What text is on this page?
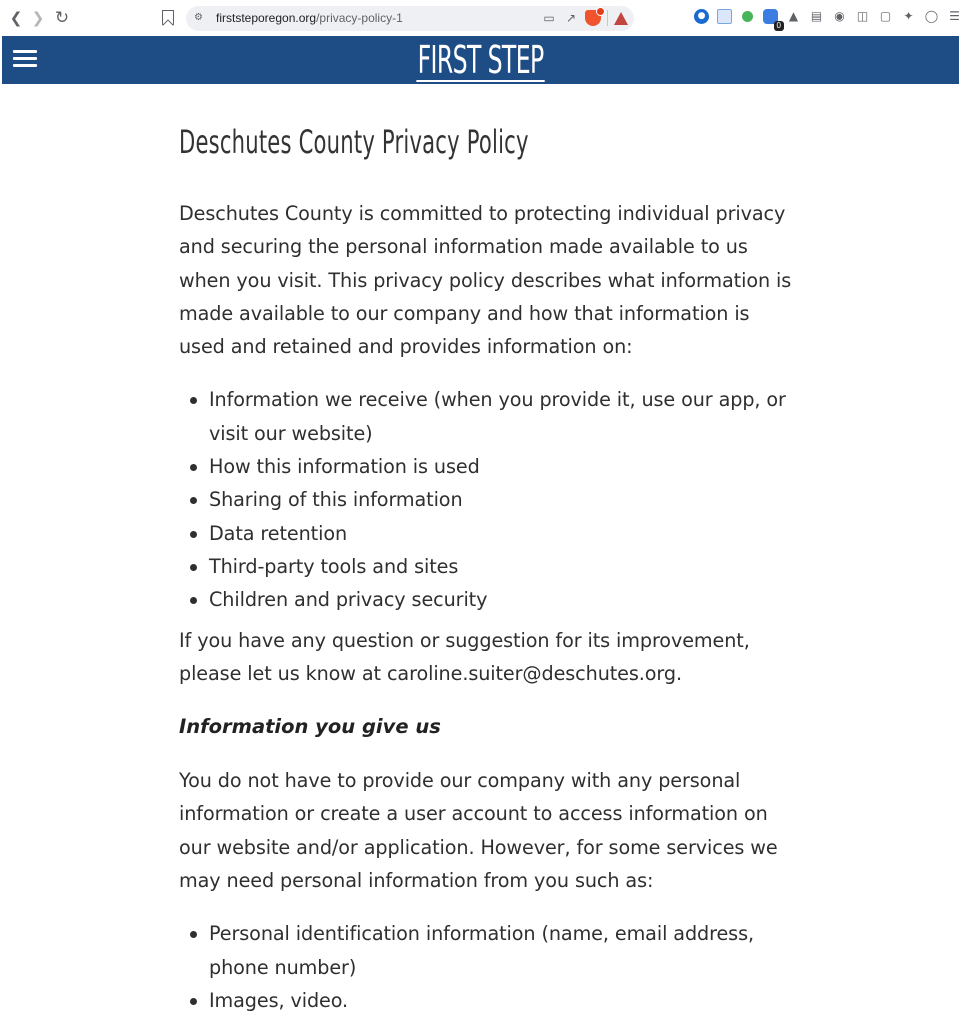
❮ ❯ ↻	⚙ firststeporegon.org/privacy-policy-1	▭ ↗	●
0
▲ ▤ ◉ ◫ ▢ ✦ ◯ ☰
FIRST STEP
Deschutes County Privacy Policy

Deschutes County is committed to protecting individual privacy and securing the personal information made available to us when you visit. This privacy policy describes what information is made available to our company and how that information is used and retained and provides information on:

Information we receive (when you provide it, use our app, or visit our website)
How this information is used
Sharing of this information
Data retention
Third-party tools and sites
Children and privacy security

If you have any question or suggestion for its improvement, please let us know at caroline.suiter@deschutes.org.

Information you give us

You do not have to provide our company with any personal information or create a user account to access information on our website and/or application. However, for some services we may need personal information from you such as:

Personal identification information (name, email address, phone number)
Images, video.
